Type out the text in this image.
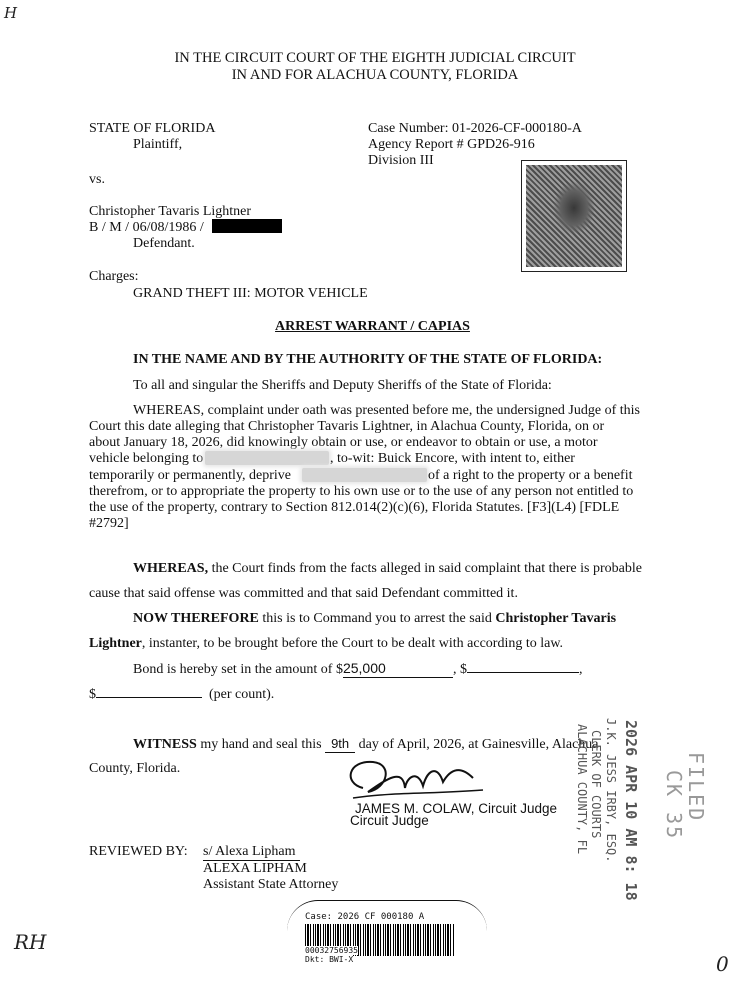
H
IN THE CIRCUIT COURT OF THE EIGHTH JUDICIAL CIRCUIT
IN AND FOR ALACHUA COUNTY, FLORIDA
STATE OF FLORIDA
Plaintiff,
vs.
Christopher Tavaris Lightner
B / M / 06/08/1986 /
Defendant.
Case Number: 01-2026-CF-000180-A
Agency Report # GPD26-916
Division III
Charges:
GRAND THEFT III: MOTOR VEHICLE
ARREST WARRANT / CAPIAS
IN THE NAME AND BY THE AUTHORITY OF THE STATE OF FLORIDA:
To all and singular the Sheriffs and Deputy Sheriffs of the State of Florida:
WHEREAS, complaint under oath was presented before me, the undersigned Judge of this
Court this date alleging that Christopher Tavaris Lightner, in Alachua County, Florida, on or
about January 18, 2026, did knowingly obtain or use, or endeavor to obtain or use, a motor
vehicle belonging to	, to-wit: Buick Encore, with intent to, either
temporarily or permanently, deprive	of a right to the property or a benefit
therefrom, or to appropriate the property to his own use or to the use of any person not entitled to
the use of the property, contrary to Section 812.014(2)(c)(6), Florida Statutes. [F3](L4) [FDLE
#2792]
WHEREAS, the Court finds from the facts alleged in said complaint that there is probable
cause that said offense was committed and that said Defendant committed it.
NOW THEREFORE this is to Command you to arrest the said Christopher Tavaris
Lightner, instanter, to be brought before the Court to be dealt with according to law.
Bond is hereby set in the amount of $25,000	, $	,
$	(per count).
WITNESS my hand and seal this 9th day of April, 2026, at Gainesville, Alachua
County, Florida.
JAMES M. COLAW, Circuit Judge
Circuit Judge
REVIEWED BY: s/ Alexa Lipham
ALEXA LIPHAM
Assistant State Attorney	2026 APR 10 AM 8: 18
J.K. JESS IRBY, ESQ.
CLERK OF COURTS
ALACHUA COUNTY, FL	FILED
CK 35
Case: 2026 CF 000180 A
00032756935
Dkt: BWI-X
RH
0
